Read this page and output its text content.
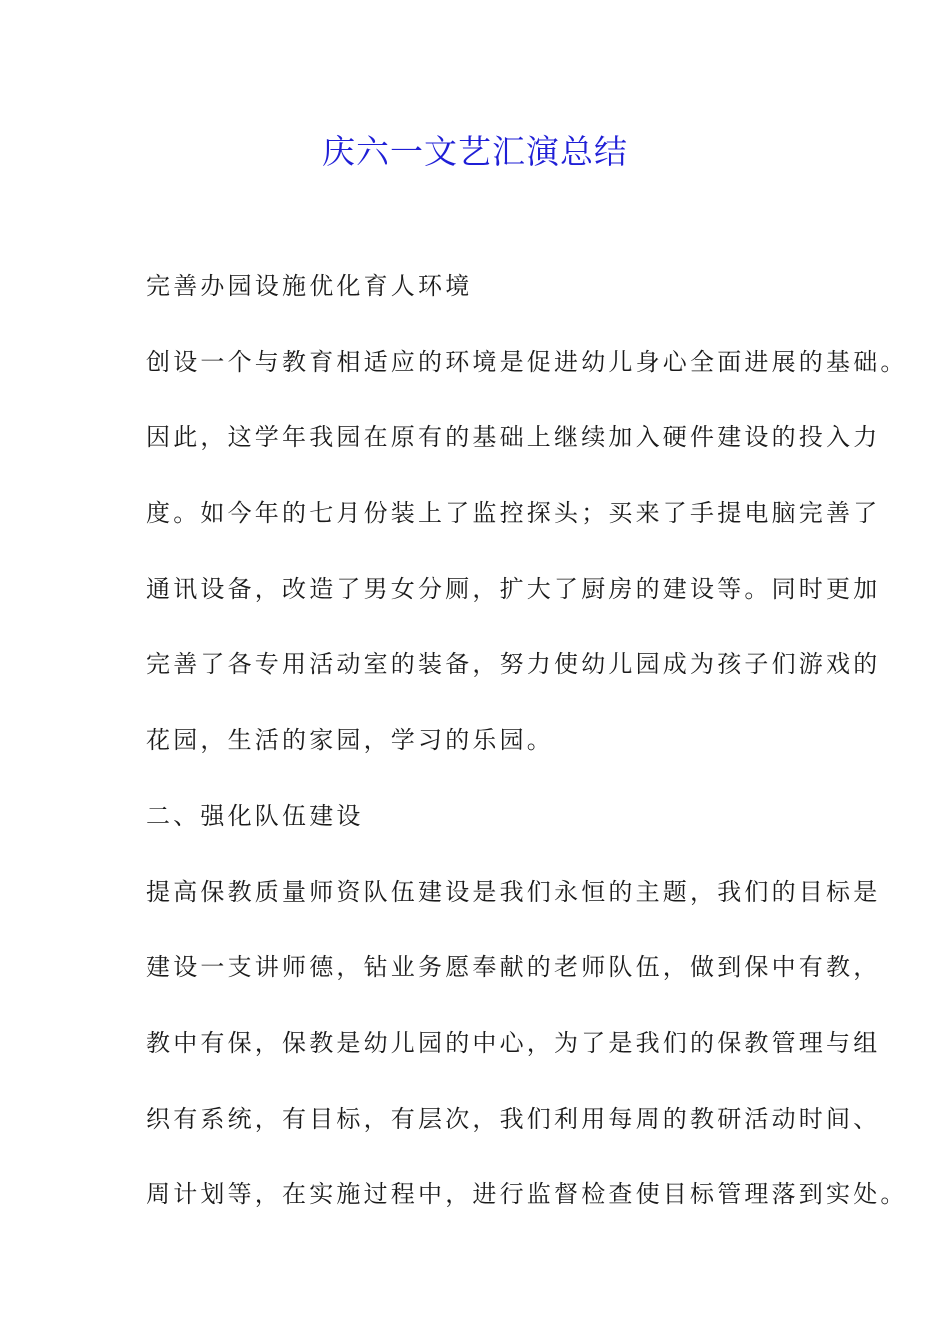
庆六一文艺汇演总结
完善办园设施优化育人环境
创设一个与教育相适应的环境是促进幼儿身心全面进展的基础。
因此，这学年我园在原有的基础上继续加入硬件建设的投入力
度。如今年的七月份装上了监控探头；买来了手提电脑完善了
通讯设备，改造了男女分厕，扩大了厨房的建设等。同时更加
完善了各专用活动室的装备，努力使幼儿园成为孩子们游戏的
花园，生活的家园，学习的乐园。
二、强化队伍建设
提高保教质量师资队伍建设是我们永恒的主题，我们的目标是
建设一支讲师德，钻业务愿奉献的老师队伍，做到保中有教，
教中有保，保教是幼儿园的中心，为了是我们的保教管理与组
织有系统，有目标，有层次，我们利用每周的教研活动时间、
周计划等，在实施过程中，进行监督检查使目标管理落到实处。
